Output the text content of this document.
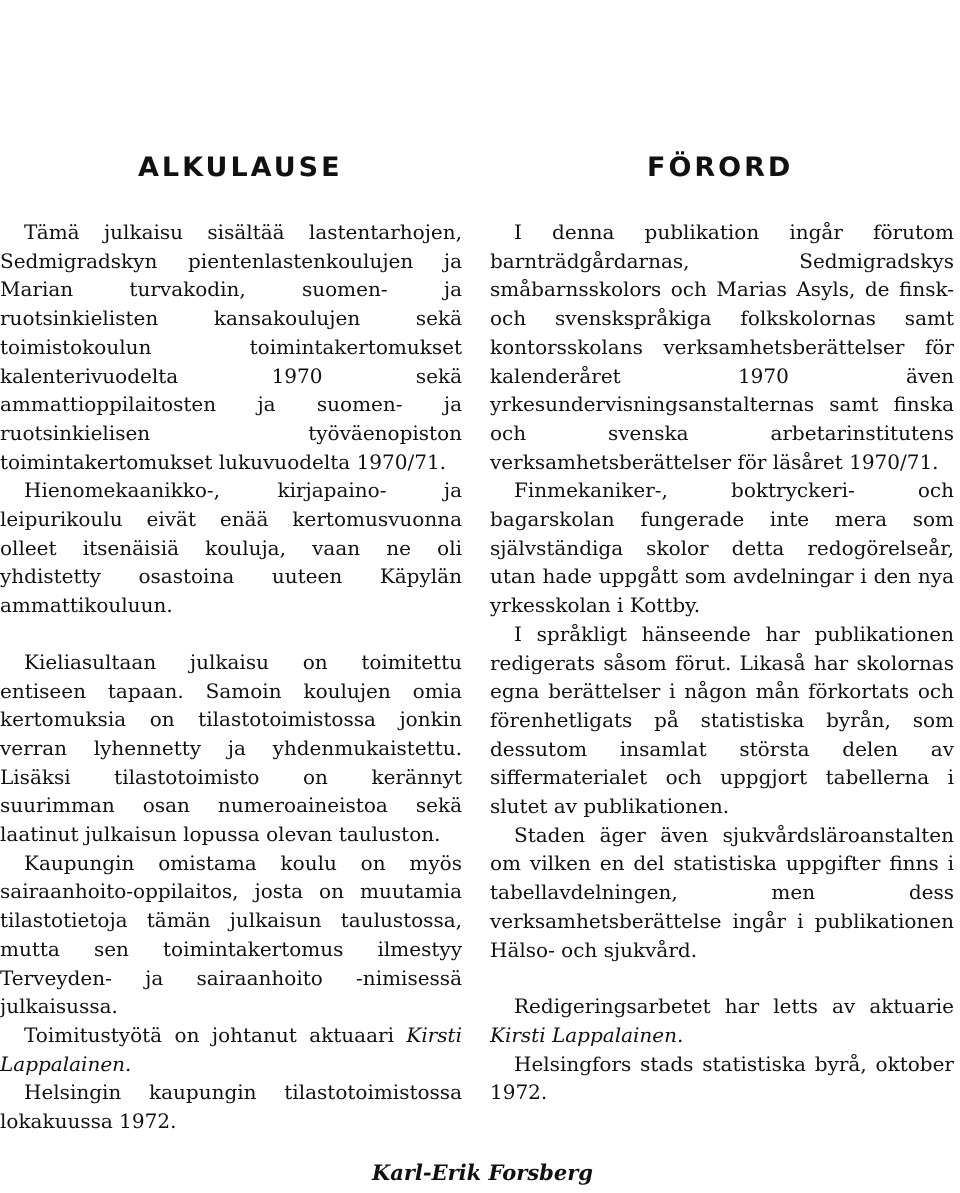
ALKULAUSE

Tämä julkaisu sisältää lastentarhojen, Sedmigradskyn pientenlastenkoulujen ja Marian turvakodin, suomen- ja ruotsinkielisten kansakoulujen sekä toimistokoulun toimintakertomukset kalenterivuodelta 1970 sekä ammattioppilaitosten ja suomen- ja ruotsinkielisen työväenopiston toimintakertomukset lukuvuodelta 1970/71.

Hienomekaanikko-, kirjapaino- ja leipurikoulu eivät enää kertomusvuonna olleet itsenäisiä kouluja, vaan ne oli yhdistetty osastoina uuteen Käpylän ammattikouluun.

Kieliasultaan julkaisu on toimitettu entiseen tapaan. Samoin koulujen omia kertomuksia on tilastotoimistossa jonkin verran lyhennetty ja yhdenmukaistettu. Lisäksi tilastotoimisto on kerännyt suurimman osan numeroaineistoa sekä laatinut julkaisun lopussa olevan tauluston.

Kaupungin omistama koulu on myös sairaanhoito-oppilaitos, josta on muutamia tilastotietoja tämän julkaisun taulustossa, mutta sen toimintakertomus ilmestyy Terveyden- ja sairaanhoito -nimisessä julkaisussa.

Toimitustyötä on johtanut aktuaari Kirsti Lappalainen.

Helsingin kaupungin tilastotoimistossa lokakuussa 1972.

FÖRORD

I denna publikation ingår förutom barnträdgårdarnas, Sedmigradskys småbarnsskolors och Marias Asyls, de finsk- och svenskspråkiga folkskolornas samt kontorsskolans verksamhetsberättelser för kalenderåret 1970 även yrkesundervisningsanstalternas samt finska och svenska arbetarinstitutens verksamhetsberättelser för läsåret 1970/71.

Finmekaniker-, boktryckeri- och bagarskolan fungerade inte mera som självständiga skolor detta redogörelseår, utan hade uppgått som avdelningar i den nya yrkesskolan i Kottby.

I språkligt hänseende har publikationen redigerats såsom förut. Likaså har skolornas egna berättelser i någon mån förkortats och förenhetligats på statistiska byrån, som dessutom insamlat största delen av siffermaterialet och uppgjort tabellerna i slutet av publikationen.

Staden äger även sjukvårdsläroanstalten om vilken en del statistiska uppgifter finns i tabellavdelningen, men dess verksamhetsberättelse ingår i publikationen Hälso- och sjukvård.

Redigeringsarbetet har letts av aktuarie Kirsti Lappalainen.

Helsingfors stads statistiska byrå, oktober 1972.

Karl-Erik Forsberg
